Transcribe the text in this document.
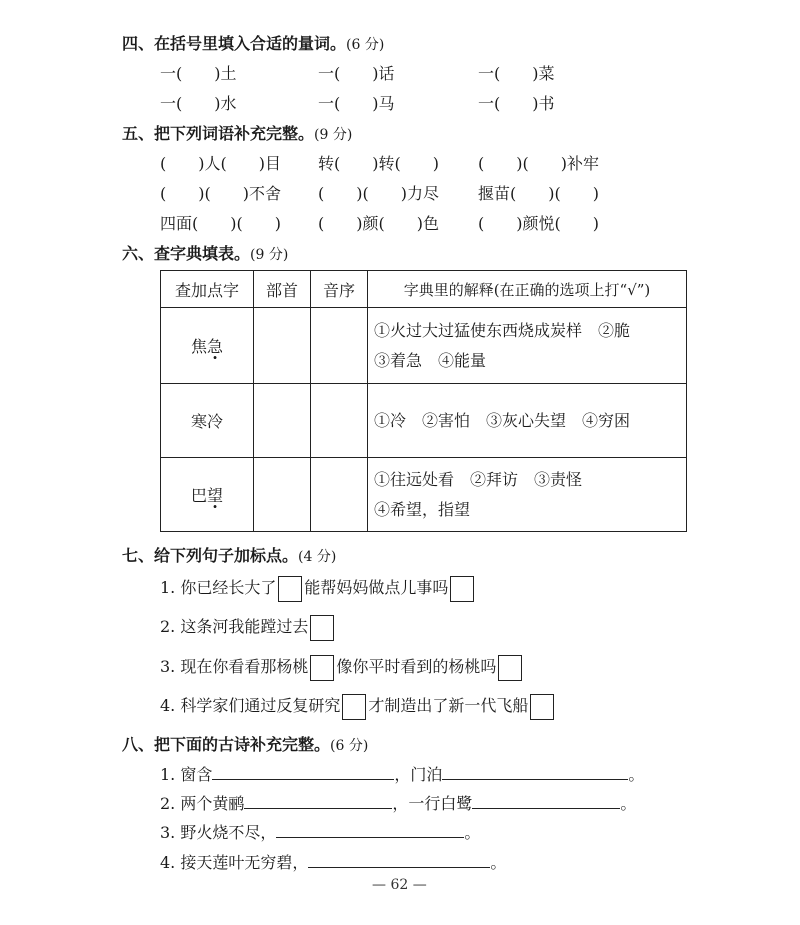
四、在括号里填入合适的量词。(6 分)
一(　　)土	一(　　)话	一(　　)菜
一(　　)水	一(　　)马	一(　　)书
五、把下列词语补充完整。(9 分)
(　　)人(　　)目 转(　　)转(　　) (　　)(　　)补牢
(　　)(　　)不舍 (　　)(　　)力尽 揠苗(　　)(　　)
四面(　　)(　　) (　　)颜(　　)色 (　　)颜悦(　　)
六、查字典填表。(9 分)
查加点字	部首	音序	字典里的解释(在正确的选项上打“√”)
焦急			①火过大过猛使东西烧成炭样　②脆
③着急　④能量

寒冷			①冷　②害怕　③灰心失望　④穷困

巴望			①往远处看　②拜访　③责怪
④希望，指望
七、给下列句子加标点。(4 分)
1. 你已经长大了 能帮妈妈做点儿事吗
2. 这条河我能蹚过去
3. 现在你看看那杨桃 像你平时看到的杨桃吗
4. 科学家们通过反复研究 才制造出了新一代飞船
八、把下面的古诗补充完整。(6 分)
1. 窗含	，门泊	。
2. 两个黄鹂	，一行白鹭	。
3. 野火烧不尽，	。
4. 接天莲叶无穷碧，	。
— 62 —
